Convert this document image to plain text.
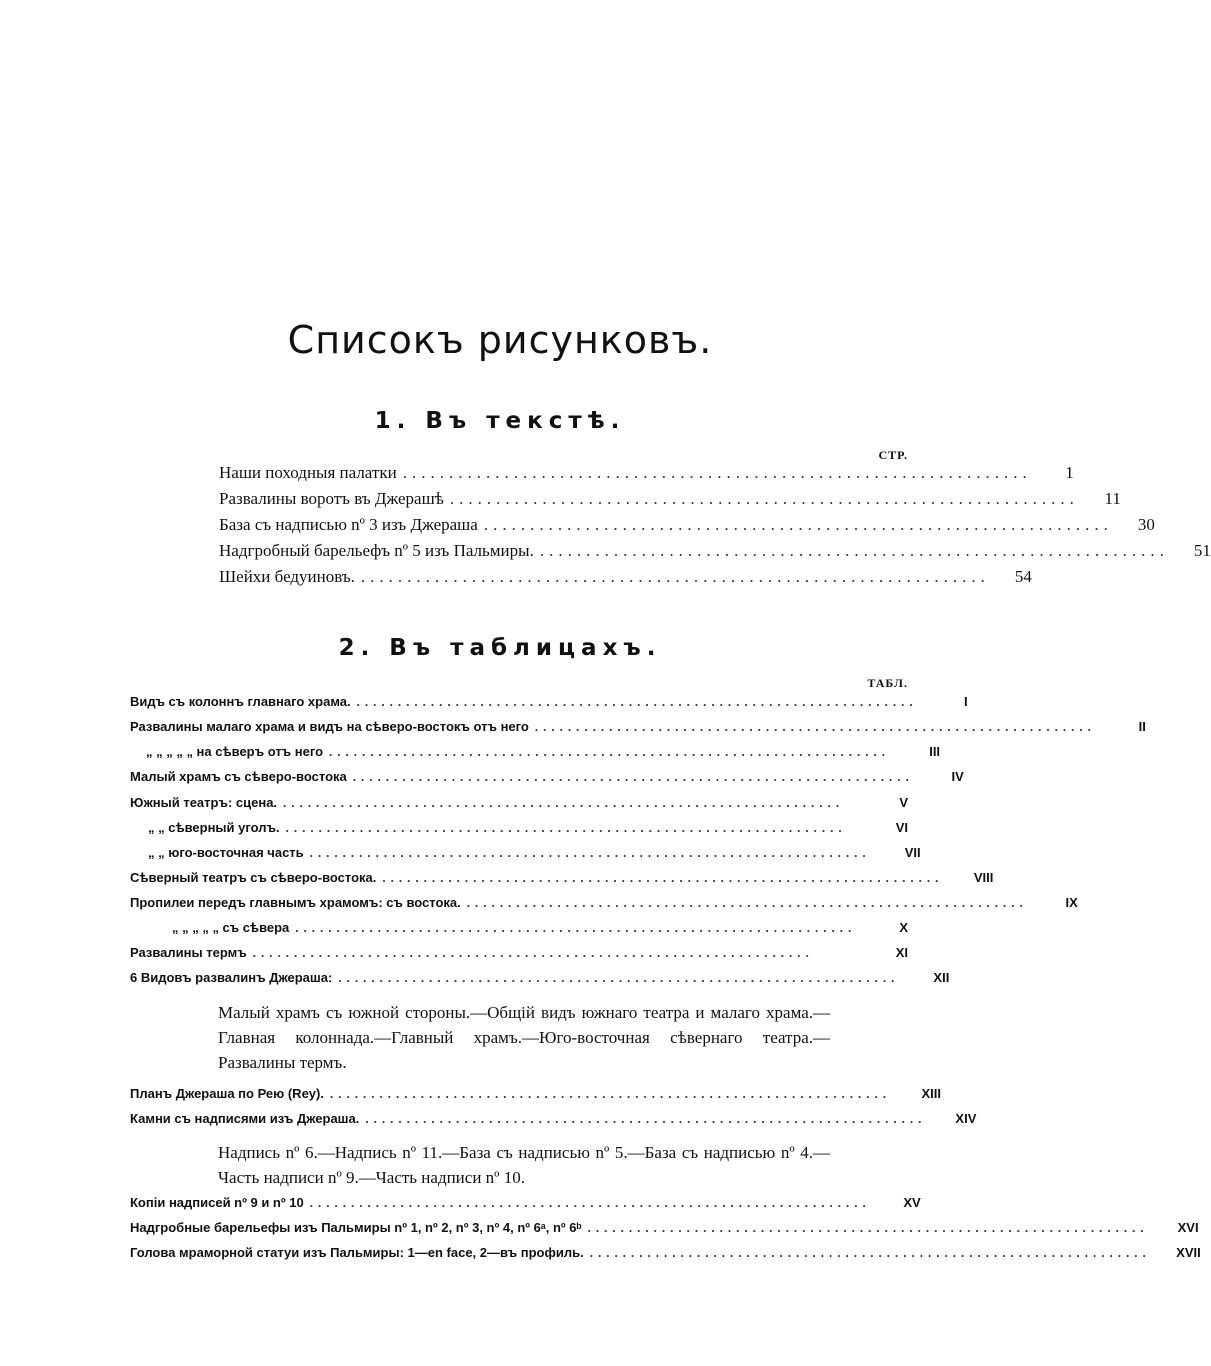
Списокъ рисунковъ.
1. Въ текстѣ.
СТР.
2. Въ таблицахъ.
ТАБЛ.
Наши походныя палатки ....................................................................	1
Развалины воротъ въ Джерашѣ ....................................................................	11
База съ надписью nº 3 изъ Джераша ....................................................................	30
Надгробный барельефъ nº 5 изъ Пальмиры. ....................................................................	51
Шейхи бедуиновъ. ....................................................................	54
Видъ съ колоннъ главнаго храма. ....................................................................	I
Развалины малаго храма и видъ на сѣверо-востокъ отъ него ....................................................................	II
„ „ „ „ „ на сѣверъ отъ него ....................................................................	III
Малый храмъ съ сѣверо-востока ....................................................................	IV
Южный театръ: сцена. ....................................................................	V
„ „ сѣверный уголъ. ....................................................................	VI
„ „ юго-восточная часть ....................................................................	VII
Сѣверный театръ съ сѣверо-востока. ....................................................................	VIII
Пропилеи передъ главнымъ храмомъ: съ востока. ....................................................................	IX
„ „ „ „ „ съ сѣвера ....................................................................	X
Развалины термъ ....................................................................	XI
6 Видовъ развалинъ Джераша: ....................................................................	XII

Малый храмъ съ южной стороны.—Общій видъ южнаго театра и малаго храма.—Главная колоннада.—Главный храмъ.—Юго-восточная сѣвернаго театра.—Развалины термъ.

Планъ Джераша по Рею (Rey). ....................................................................	XIII
Камни съ надписями изъ Джераша. ....................................................................	XIV

Надпись nº 6.—Надпись nº 11.—База съ надписью nº 5.—База съ надписью nº 4.—Часть надписи nº 9.—Часть надписи nº 10.

Копіи надписей nº 9 и nº 10 ....................................................................	XV
Надгробные барельефы изъ Пальмиры nº 1, nº 2, nº 3, nº 4, nº 6ᵃ, nº 6ᵇ ....................................................................	XVI
Голова мраморной статуи изъ Пальмиры: 1—en face, 2—въ профиль. ....................................................................	XVII
